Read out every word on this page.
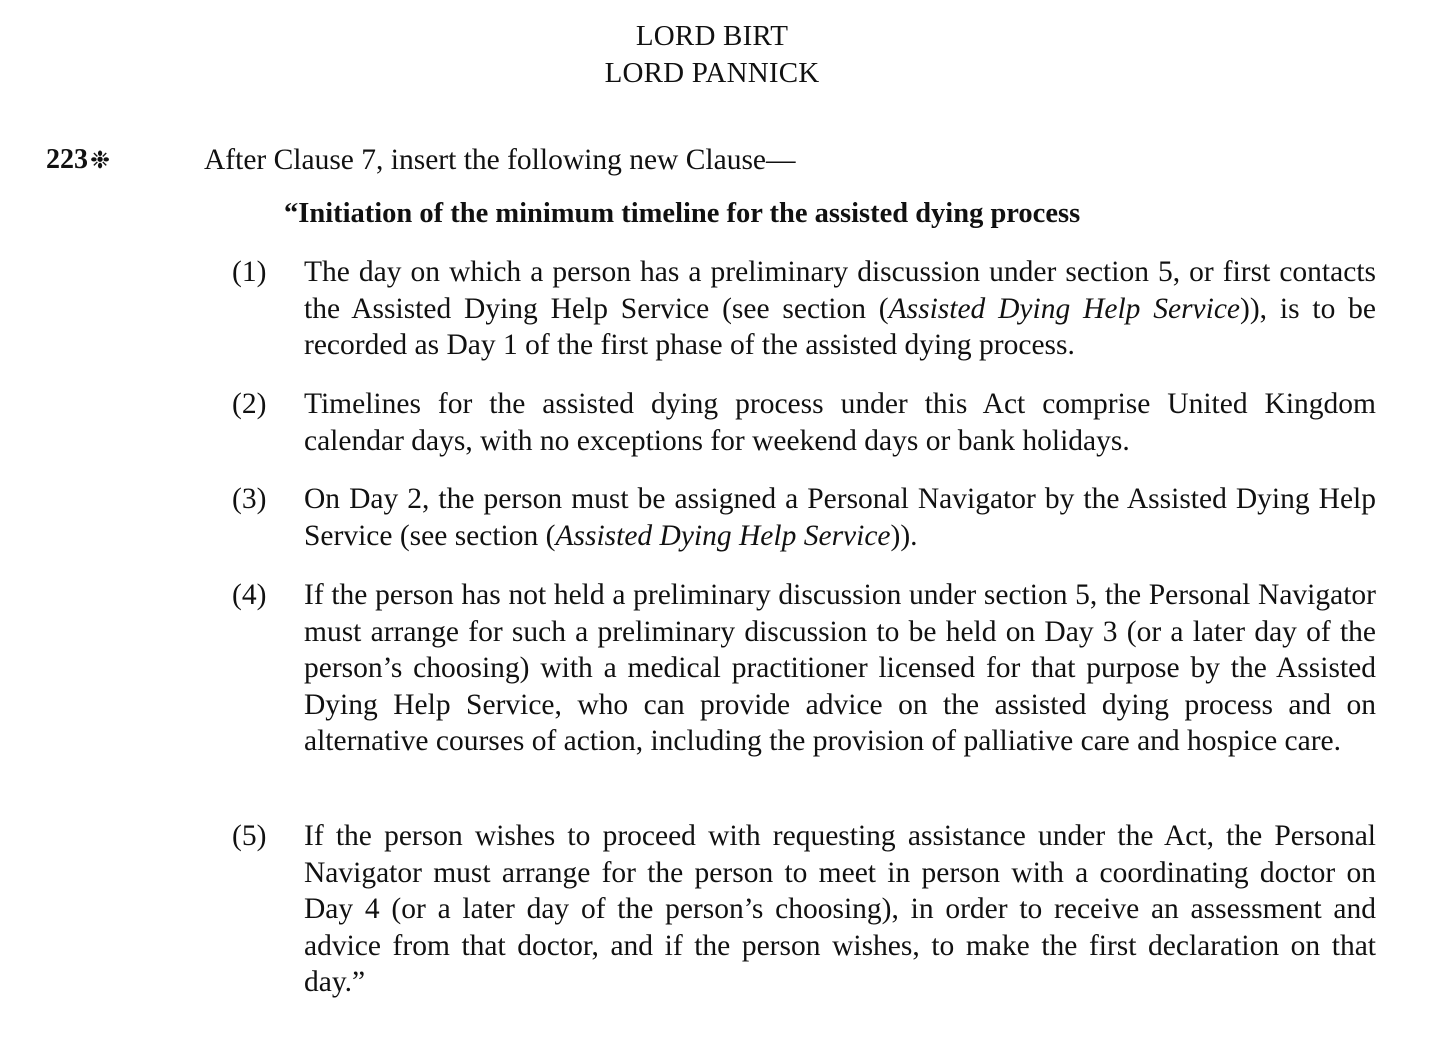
LORD BIRT
LORD PANNICK
223❉	After Clause 7, insert the following new Clause—
“Initiation of the minimum timeline for the assisted dying process
(1)	The day on which a person has a preliminary discussion under section 5, or first contacts the Assisted Dying Help Service (see section (Assisted Dying Help Service)), is to be recorded as Day 1 of the first phase of the assisted dying process.
(2)	Timelines for the assisted dying process under this Act comprise United Kingdom calendar days, with no exceptions for weekend days or bank holidays.
(3)	On Day 2, the person must be assigned a Personal Navigator by the Assisted Dying Help Service (see section (Assisted Dying Help Service)).
(4)	If the person has not held a preliminary discussion under section 5, the Personal Navigator must arrange for such a preliminary discussion to be held on Day 3 (or a later day of the person’s choosing) with a medical practitioner licensed for that purpose by the Assisted Dying Help Service, who can provide advice on the assisted dying process and on alternative courses of action, including the provision of palliative care and hospice care.
(5)	If the person wishes to proceed with requesting assistance under the Act, the Personal Navigator must arrange for the person to meet in person with a coordinating doctor on Day 4 (or a later day of the person’s choosing), in order to receive an assessment and advice from that doctor, and if the person wishes, to make the first declaration on that day.”
